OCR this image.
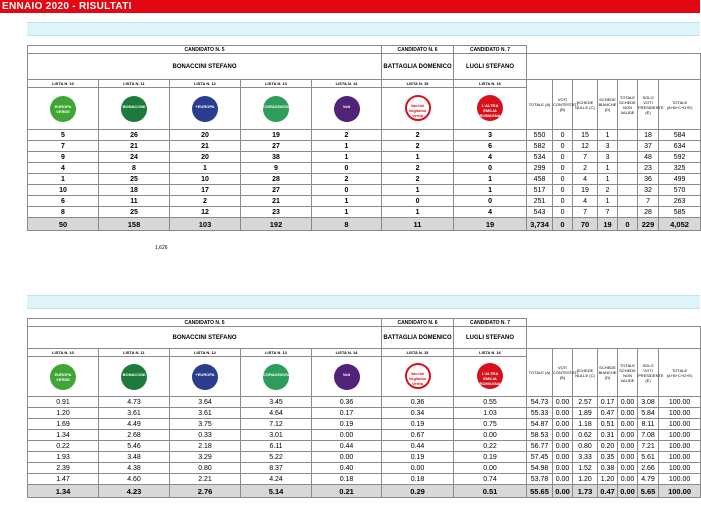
ENNAIO 2020 - RISULTATI
CANDIDATO N. 5					CANDIDATO N. 6	CANDIDATO N. 7							
BONACCINI STEFANO					BATTAGLIA DOMENICO	LUGLI STEFANO							
LISTA N. 10	LISTA N. 11	LISTA N. 12	LISTA N. 13	LISTA N. 14	LISTA N. 15	LISTA N. 16	TOTALE (A)	VOTI CONTESTATI (B)	SCHEDE NULLE (C)	SCHEDE BIANCHE (D)	TOTALE SCHEDE NON VALIDE	SOLO VOTI PRESIDENTE (E)	TOTALE (A+B+C+D+E)
EUROPA VERDE	BONACCINI	+EUROPA	CORAGGIOSA	Volt	Vaccini Vogliamo Verità	L'ALTRA EMILIA ROMAGNA							
5	26	20	19	2	2	3	550	0	15	1		18	584
7	21	21	27	1	2	6	582	0	12	3		37	634
9	24	20	38	1	1	4	534	0	7	3		48	592
4	8	1	9	0	2	0	299	0	2	1		23	325
1	25	10	28	2	2	1	458	0	4	1		36	499
10	18	17	27	0	1	1	517	0	19	2		32	570
6	11	2	21	1	0	0	251	0	4	1		7	263
8	25	12	23	1	1	4	543	0	7	7		28	585
50	158	103	192	8	11	19	3,734	0	70	19	0	229	4,052
1,626
CANDIDATO N. 5					CANDIDATO N. 6	CANDIDATO N. 7							
BONACCINI STEFANO					BATTAGLIA DOMENICO	LUGLI STEFANO							
LISTA N. 10	LISTA N. 11	LISTA N. 12	LISTA N. 13	LISTA N. 14	LISTA N. 15	LISTA N. 16	TOTALE (A)	VOTI CONTESTATI (B)	SCHEDE NULLE (C)	SCHEDE BIANCHE (D)	TOTALE SCHEDE NON VALIDE	SOLO VOTI PRESIDENTE (E)	TOTALE (A+B+C+D+E)
EUROPA VERDE	BONACCINI	+EUROPA	CORAGGIOSA	Volt	Vaccini Vogliamo Verità	L'ALTRA EMILIA ROMAGNA							
0.91	4.73	3.64	3.45	0.36	0.36	0.55	54.73	0.00	2.57	0.17	0.00	3.08	100.00
1.20	3.61	3.61	4.64	0.17	0.34	1.03	55.33	0.00	1.89	0.47	0.00	5.84	100.00
1.69	4.49	3.75	7.12	0.19	0.19	0.75	54.87	0.00	1.18	0.51	0.00	8.11	100.00
1.34	2.68	0.33	3.01	0.00	0.67	0.00	58.53	0.00	0.62	0.31	0.00	7.08	100.00
0.22	5.46	2.18	6.11	0.44	0.44	0.22	56.77	0.00	0.80	0.20	0.00	7.21	100.00
1.93	3.48	3.29	5.22	0.00	0.19	0.19	57.45	0.00	3.33	0.35	0.00	5.61	100.00
2.39	4.38	0.80	8.37	0.40	0.00	0.00	54.98	0.00	1.52	0.38	0.00	2.66	100.00
1.47	4.60	2.21	4.24	0.18	0.18	0.74	53.78	0.00	1.20	1.20	0.00	4.79	100.00
1.34	4.23	2.76	5.14	0.21	0.29	0.51	55.65	0.00	1.73	0.47	0.00	5.65	100.00
